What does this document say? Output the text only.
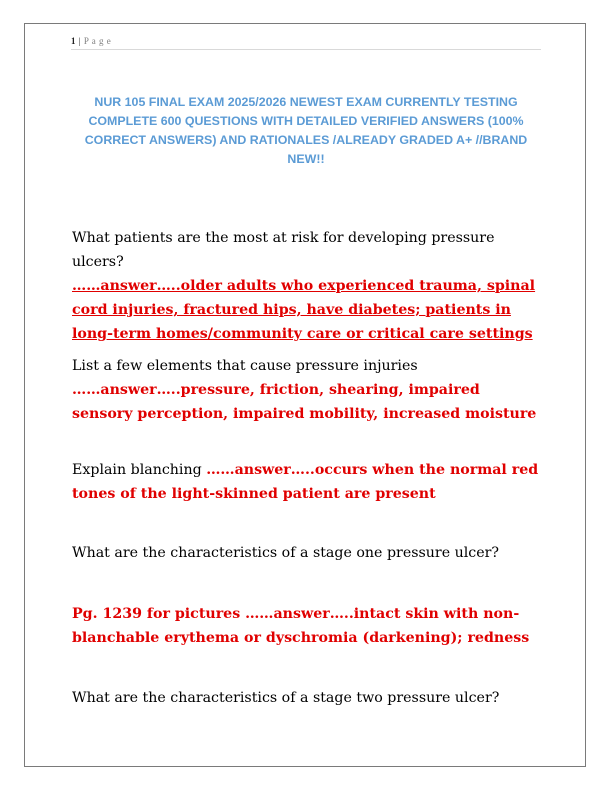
1 | P a g e
NUR 105 FINAL EXAM 2025/2026 NEWEST EXAM CURRENTLY TESTING COMPLETE 600 QUESTIONS WITH DETAILED VERIFIED ANSWERS (100% CORRECT ANSWERS) AND RATIONALES /ALREADY GRADED A+ //BRAND NEW!!
What patients are the most at risk for developing pressure ulcers?
……answer…..older adults who experienced trauma, spinal cord injuries, fractured hips, have diabetes; patients in long-term homes/community care or critical care settings
List a few elements that cause pressure injuries
……answer…..pressure, friction, shearing, impaired sensory perception, impaired mobility, increased moisture
Explain blanching ……answer…..occurs when the normal red tones of the light-skinned patient are present
What are the characteristics of a stage one pressure ulcer?
Pg. 1239 for pictures ……answer…..intact skin with non-blanchable erythema or dyschromia (darkening); redness
What are the characteristics of a stage two pressure ulcer?
